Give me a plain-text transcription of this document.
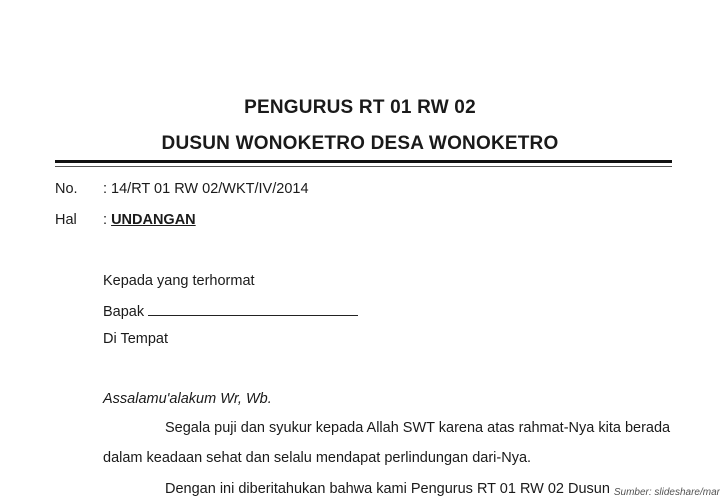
PENGURUS RT 01 RW 02
DUSUN WONOKETRO DESA WONOKETRO
No. : 14/RT 01 RW 02/WKT/IV/2014
Hal : UNDANGAN
Kepada yang terhormat
Bapak
Di Tempat
Assalamu'alakum Wr, Wb.
Segala puji dan syukur kepada Allah SWT karena atas rahmat-Nya kita berada
dalam keadaan sehat dan selalu mendapat perlindungan dari-Nya.
Dengan ini diberitahukan bahwa kami Pengurus RT 01 RW 02 Dusun Sumber: slideshare/mar
